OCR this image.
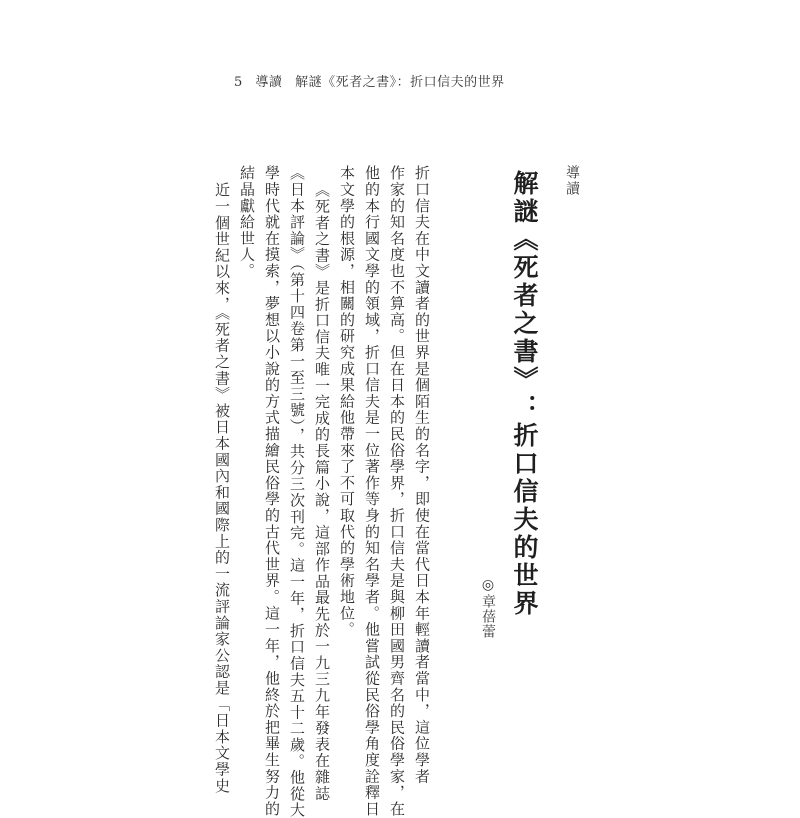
5 導讀 解謎《死者之書》：折口信夫的世界
導讀
解謎《死者之書》：折口信夫的世界
◎章蓓蕾
折口信夫在中文讀者的世界是個陌生的名字，即使在當代日本年輕讀者當中，這位學者
作家的知名度也不算高。但在日本的民俗學界，折口信夫是與柳田國男齊名的民俗學家，在
他的本行國文學的領域，折口信夫是一位著作等身的知名學者。他嘗試從民俗學角度詮釋日
本文學的根源，相關的研究成果給他帶來了不可取代的學術地位。
《死者之書》是折口信夫唯一完成的長篇小說，這部作品最先於一九三九年發表在雜誌
《日本評論》（第十四卷第一至三號），共分三次刊完。這一年，折口信夫五十二歲。他從大
學時代就在摸索，夢想以小說的方式描繪民俗學的古代世界。這一年，他終於把畢生努力的
結晶獻給世人。
近一個世紀以來，《死者之書》被日本國內和國際上的一流評論家公認是「日本文學史
